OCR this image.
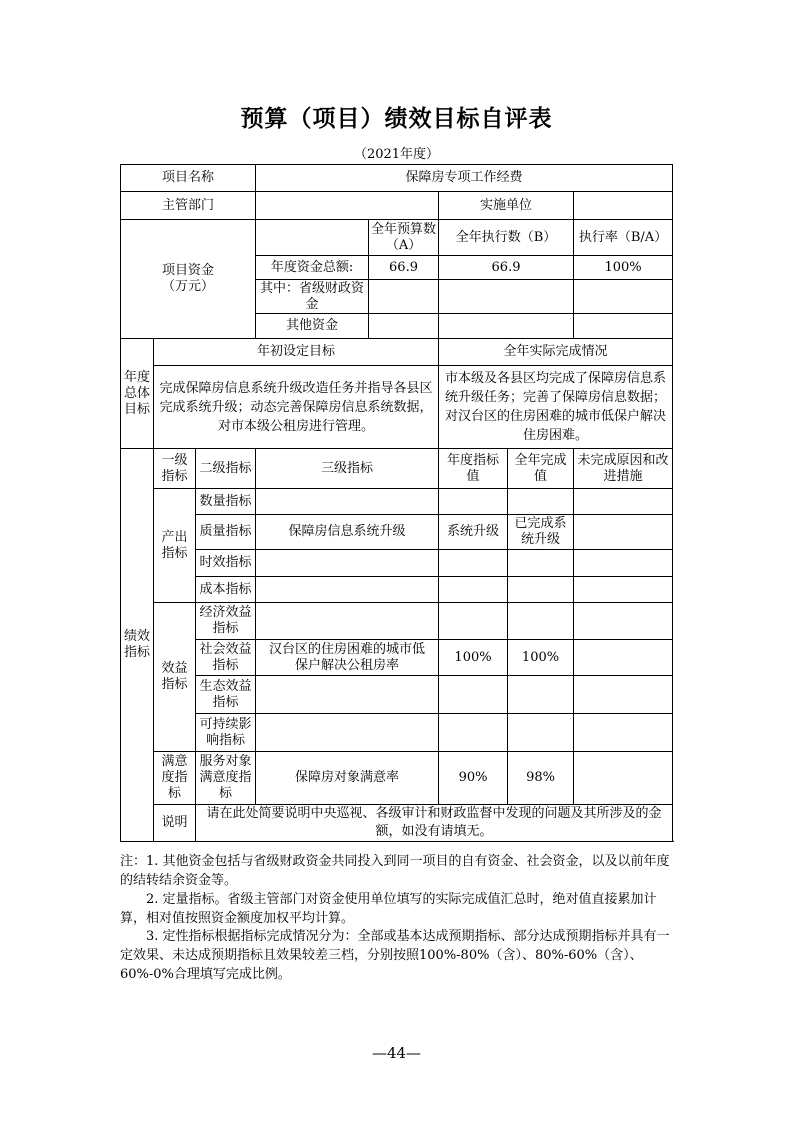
预算（项目）绩效目标自评表
（2021年度）
项目名称			保障房专项工作经费				
主管部门					实施单位		
项目资金（万元）				全年预算数（A）	全年执行数（B）		执行率（B/A）
			年度资金总额:	66.9	66.9		100%
			其中：省级财政资金				
			其他资金				
年度总体目标	年初设定目标				全年实际完成情况		
	完成保障房信息系统升级改造任务并指导各县区完成系统升级；动态完善保障房信息系统数据，对市本级公租房进行管理。				市本级及各县区均完成了保障房信息系统升级任务；完善了保障房信息数据；对汉台区的住房困难的城市低保户解决住房困难。		
绩效指标	一级指标	二级指标	三级指标		年度指标值	全年完成值	未完成原因和改进措施
	产出指标	数量指标					
		质量指标	保障房信息系统升级		系统升级	已完成系统升级	
		时效指标					
		成本指标					
	效益指标	经济效益指标					
		社会效益指标	汉台区的住房困难的城市低保户解决公租房率		100%	100%	
		生态效益指标					
		可持续影响指标					
	满意度指标	服务对象满意度指标	保障房对象满意率		90%	98%	
	说明	请在此处简要说明中央巡视、各级审计和财政监督中发现的问题及其所涉及的金额，如没有请填无。					
注：1. 其他资金包括与省级财政资金共同投入到同一项目的自有资金、社会资金，以及以前年度的结转结余资金等。
2. 定量指标。省级主管部门对资金使用单位填写的实际完成值汇总时，绝对值直接累加计算，相对值按照资金额度加权平均计算。
3. 定性指标根据指标完成情况分为：全部或基本达成预期指标、部分达成预期指标并具有一定效果、未达成预期指标且效果较差三档，分别按照100%-80%（含）、80%-60%（含）、60%-0%合理填写完成比例。
—44—
